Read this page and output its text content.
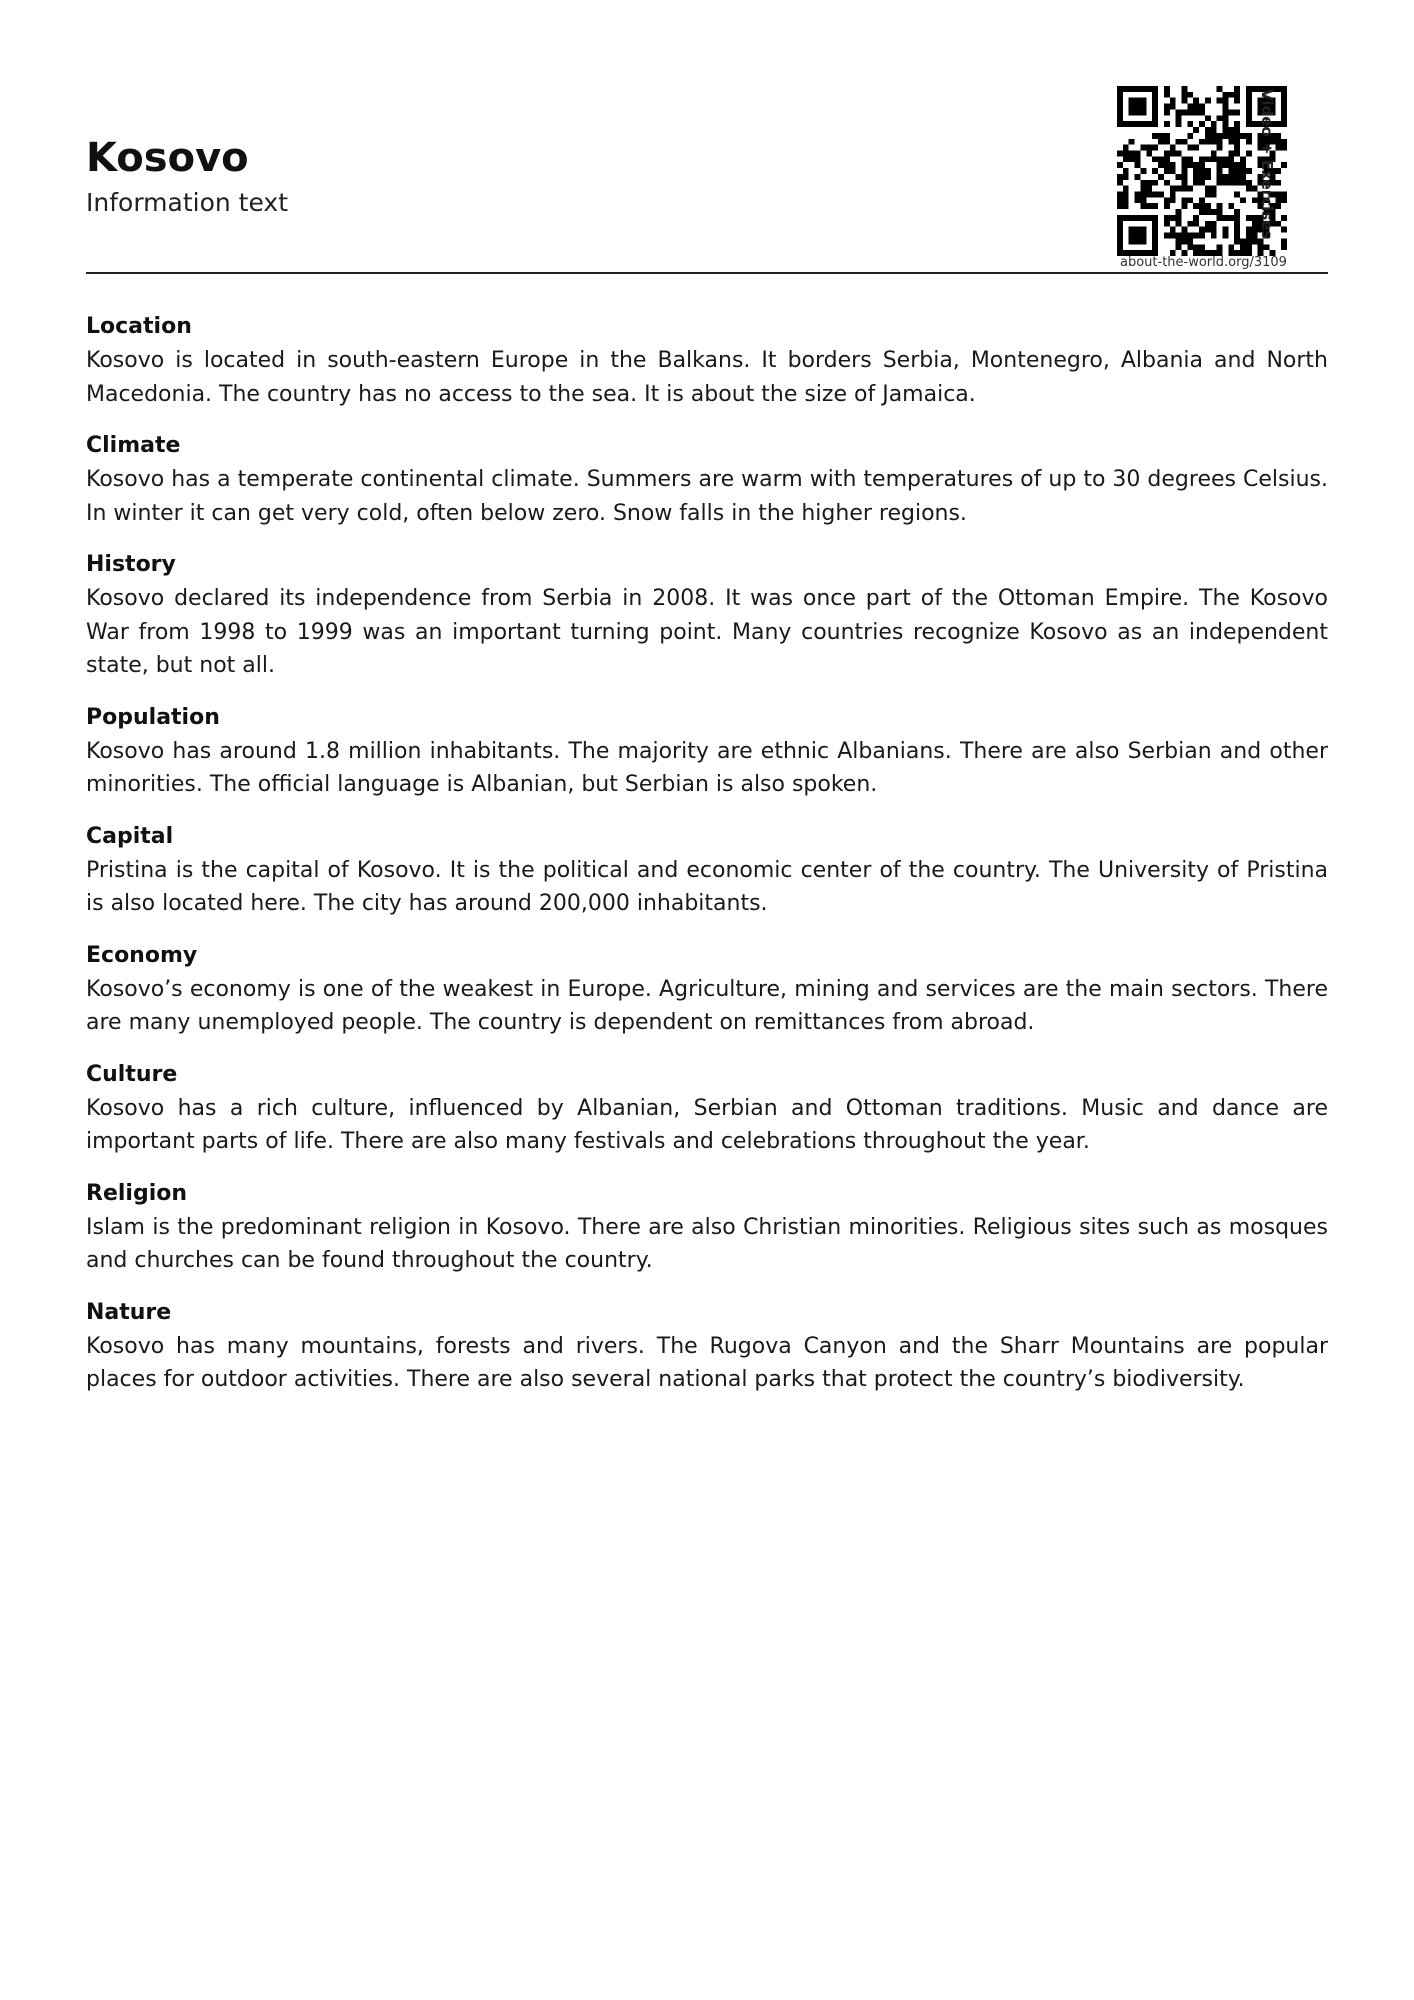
Kosovo

Information text	Video + Exercises
about-the-world.org/3109
Location

Kosovo is located in south-eastern Europe in the Balkans. It borders Serbia, Montenegro, Albania and North Macedonia. The country has no access to the sea. It is about the size of Jamaica.

Climate

Kosovo has a temperate continental climate. Summers are warm with temperatures of up to 30 degrees Celsius. In winter it can get very cold, often below zero. Snow falls in the higher regions.

History

Kosovo declared its independence from Serbia in 2008. It was once part of the Ottoman Empire. The Kosovo War from 1998 to 1999 was an important turning point. Many countries recognize Kosovo as an independent state, but not all.

Population

Kosovo has around 1.8 million inhabitants. The majority are ethnic Albanians. There are also Serbian and other minorities. The official language is Albanian, but Serbian is also spoken.

Capital

Pristina is the capital of Kosovo. It is the political and economic center of the country. The University of Pristina is also located here. The city has around 200,000 inhabitants.

Economy

Kosovo’s economy is one of the weakest in Europe. Agriculture, mining and services are the main sectors. There are many unemployed people. The country is dependent on remittances from abroad.

Culture

Kosovo has a rich culture, influenced by Albanian, Serbian and Ottoman traditions. Music and dance are important parts of life. There are also many festivals and celebrations throughout the year.

Religion

Islam is the predominant religion in Kosovo. There are also Christian minorities. Religious sites such as mosques and churches can be found throughout the country.

Nature

Kosovo has many mountains, forests and rivers. The Rugova Canyon and the Sharr Mountains are popular places for outdoor activities. There are also several national parks that protect the country’s biodiversity.
